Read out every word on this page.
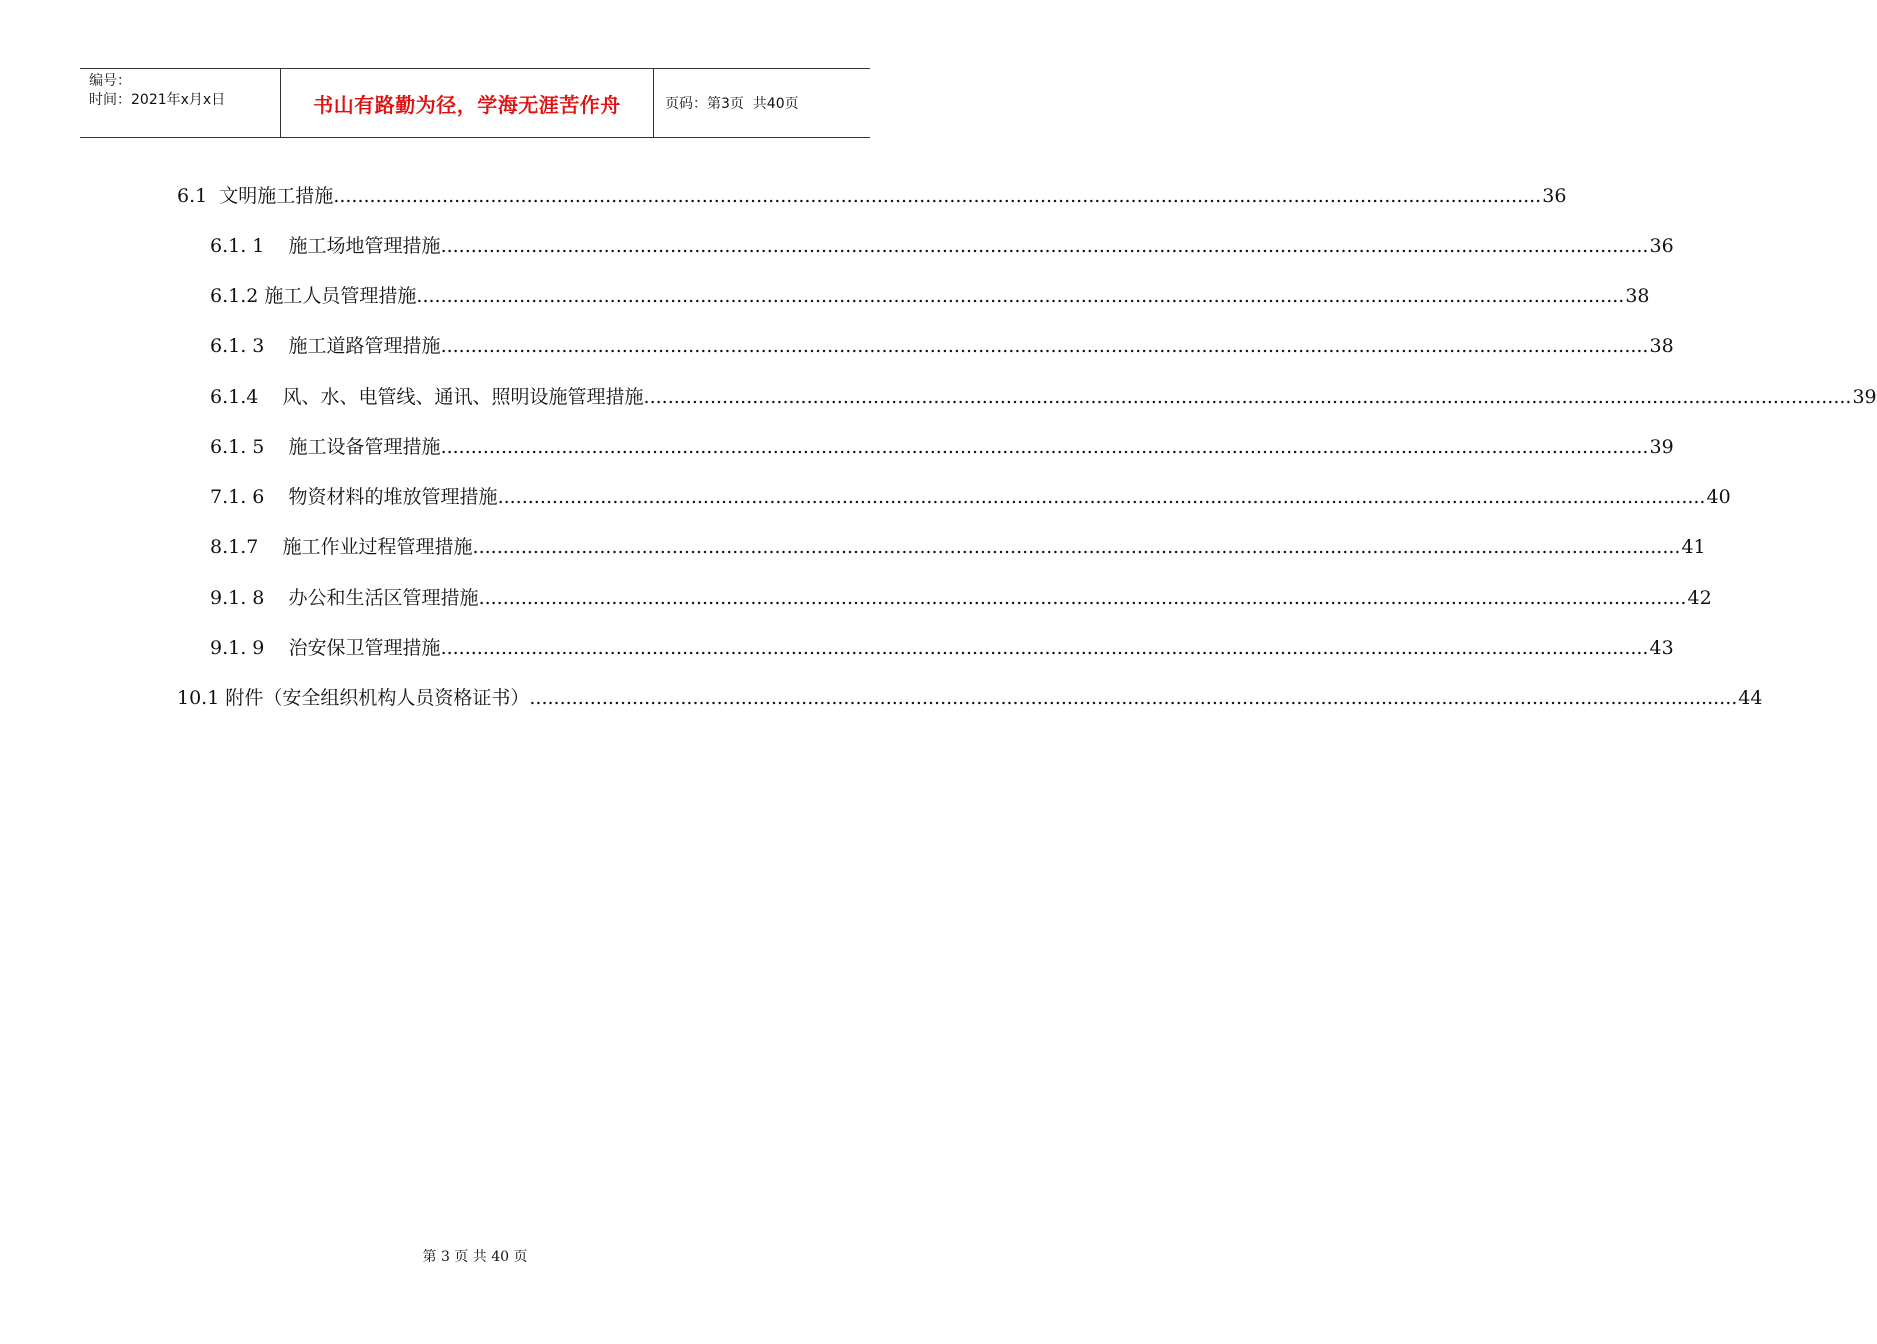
编号：
时间：2021年x月x日	书山有路勤为径，学海无涯苦作舟	页码：第3页  共40页
6.1 文明施工措施 ........................................................................................................................................................................................................ 36
6.1. 1 施工场地管理措施 ........................................................................................................................................................................................................ 36
6.1.2 施工人员管理措施 ........................................................................................................................................................................................................ 38
6.1. 3 施工道路管理措施 ........................................................................................................................................................................................................ 38
6.1.4 风、水、电管线、通讯、照明设施管理措施 ........................................................................................................................................................................................................ 39
6.1. 5 施工设备管理措施 ........................................................................................................................................................................................................ 39
7.1. 6 物资材料的堆放管理措施 ........................................................................................................................................................................................................ 40
8.1.7 施工作业过程管理措施 ........................................................................................................................................................................................................ 41
9.1. 8 办公和生活区管理措施 ........................................................................................................................................................................................................ 42
9.1. 9 治安保卫管理措施 ........................................................................................................................................................................................................ 43
10.1 附件（安全组织机构人员资格证书） ........................................................................................................................................................................................................ 44
第 3 页 共 40 页
